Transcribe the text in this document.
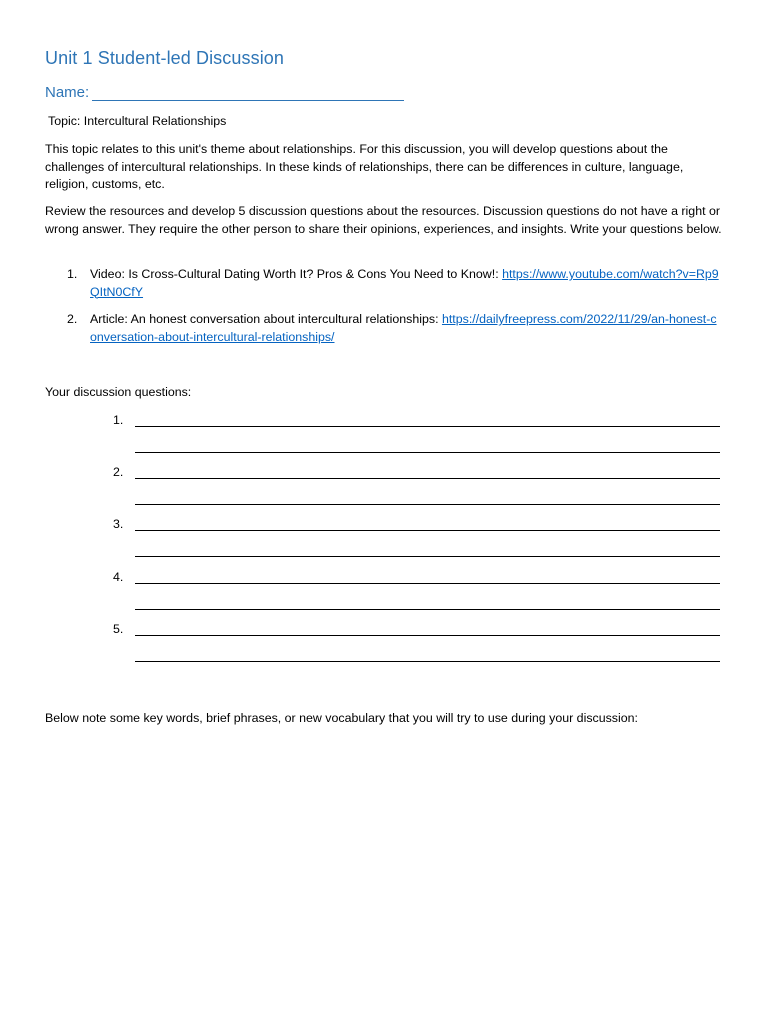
Unit 1 Student-led Discussion
Name:
Topic: Intercultural Relationships
This topic relates to this unit's theme about relationships. For this discussion, you will develop questions about the challenges of intercultural relationships. In these kinds of relationships, there can be differences in culture, language, religion, customs, etc.
Review the resources and develop 5 discussion questions about the resources. Discussion questions do not have a right or wrong answer. They require the other person to share their opinions, experiences, and insights. Write your questions below.
1. Video: Is Cross-Cultural Dating Worth It? Pros & Cons You Need to Know!: https://www.youtube.com/watch?v=Rp9QItN0CfY
2. Article: An honest conversation about intercultural relationships: https://dailyfreepress.com/2022/11/29/an-honest-conversation-about-intercultural-relationships/
Your discussion questions:
1.
2.
3.
4.
5.
Below note some key words, brief phrases, or new vocabulary that you will try to use during your discussion:
